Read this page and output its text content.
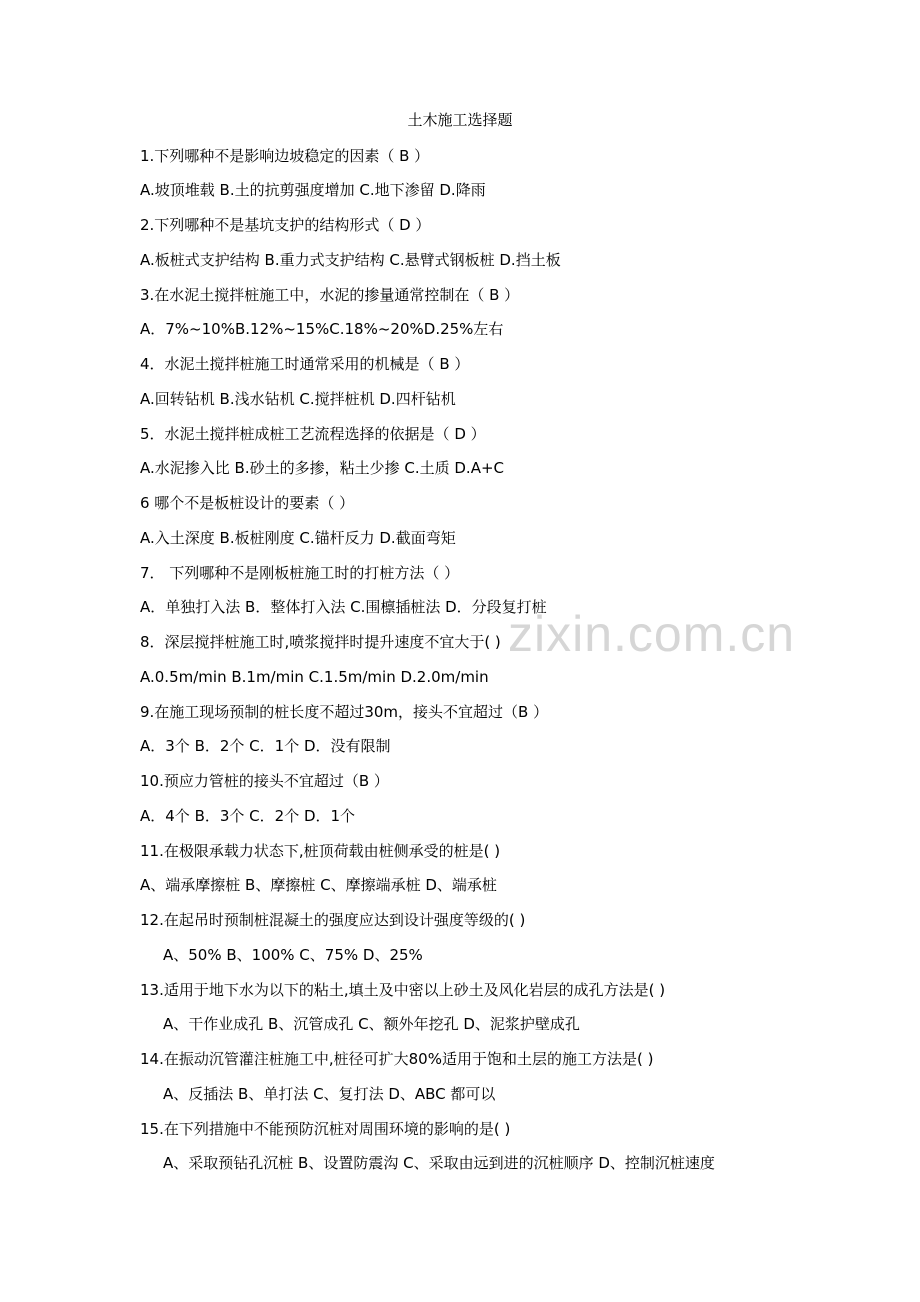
土木施工选择题
1.下列哪种不是影响边坡稳定的因素（ B ）
A.坡顶堆载 B.土的抗剪强度增加 C.地下渗留 D.降雨
2.下列哪种不是基坑支护的结构形式（ D ）
A.板桩式支护结构 B.重力式支护结构 C.悬臂式钢板桩 D.挡土板
3.在水泥土搅拌桩施工中，水泥的掺量通常控制在（ B ）
A．7%~10%B.12%~15%C.18%~20%D.25%左右
4．水泥土搅拌桩施工时通常采用的机械是（ B ）
A.回转钻机 B.浅水钻机 C.搅拌桩机 D.四杆钻机
5．水泥土搅拌桩成桩工艺流程选择的依据是（ D ）
A.水泥掺入比 B.砂土的多掺，粘土少掺 C.土质 D.A+C
6 哪个不是板桩设计的要素（ ）
A.入土深度 B.板桩刚度 C.锚杆反力 D.截面弯矩
7． 下列哪种不是刚板桩施工时的打桩方法（ ）
A．单独打入法 B．整体打入法 C.围檩插桩法 D．分段复打桩
8．深层搅拌桩施工时,喷浆搅拌时提升速度不宜大于( )
A.0.5m/min B.1m/min C.1.5m/min D.2.0m/min
9.在施工现场预制的桩长度不超过30m，接头不宜超过（B ）
A．3个 B．2个 C．1个 D．没有限制
10.预应力管桩的接头不宜超过（B ）
A．4个 B．3个 C．2个 D．1个
11.在极限承载力状态下,桩顶荷载由桩侧承受的桩是( )
A、端承摩擦桩 B、摩擦桩 C、摩擦端承桩 D、端承桩
12.在起吊时预制桩混凝土的强度应达到设计强度等级的( )
A、50% B、100% C、75% D、25%
13.适用于地下水为以下的粘土,填土及中密以上砂土及风化岩层的成孔方法是( )
A、干作业成孔 B、沉管成孔 C、额外年挖孔 D、泥浆护壁成孔
14.在振动沉管灌注桩施工中,桩径可扩大80%适用于饱和土层的施工方法是( )
A、反插法 B、单打法 C、复打法 D、ABC 都可以
15.在下列措施中不能预防沉桩对周围环境的影响的是( )
A、采取预钻孔沉桩 B、设置防震沟 C、采取由远到进的沉桩顺序 D、控制沉桩速度
zixin.com.cn
